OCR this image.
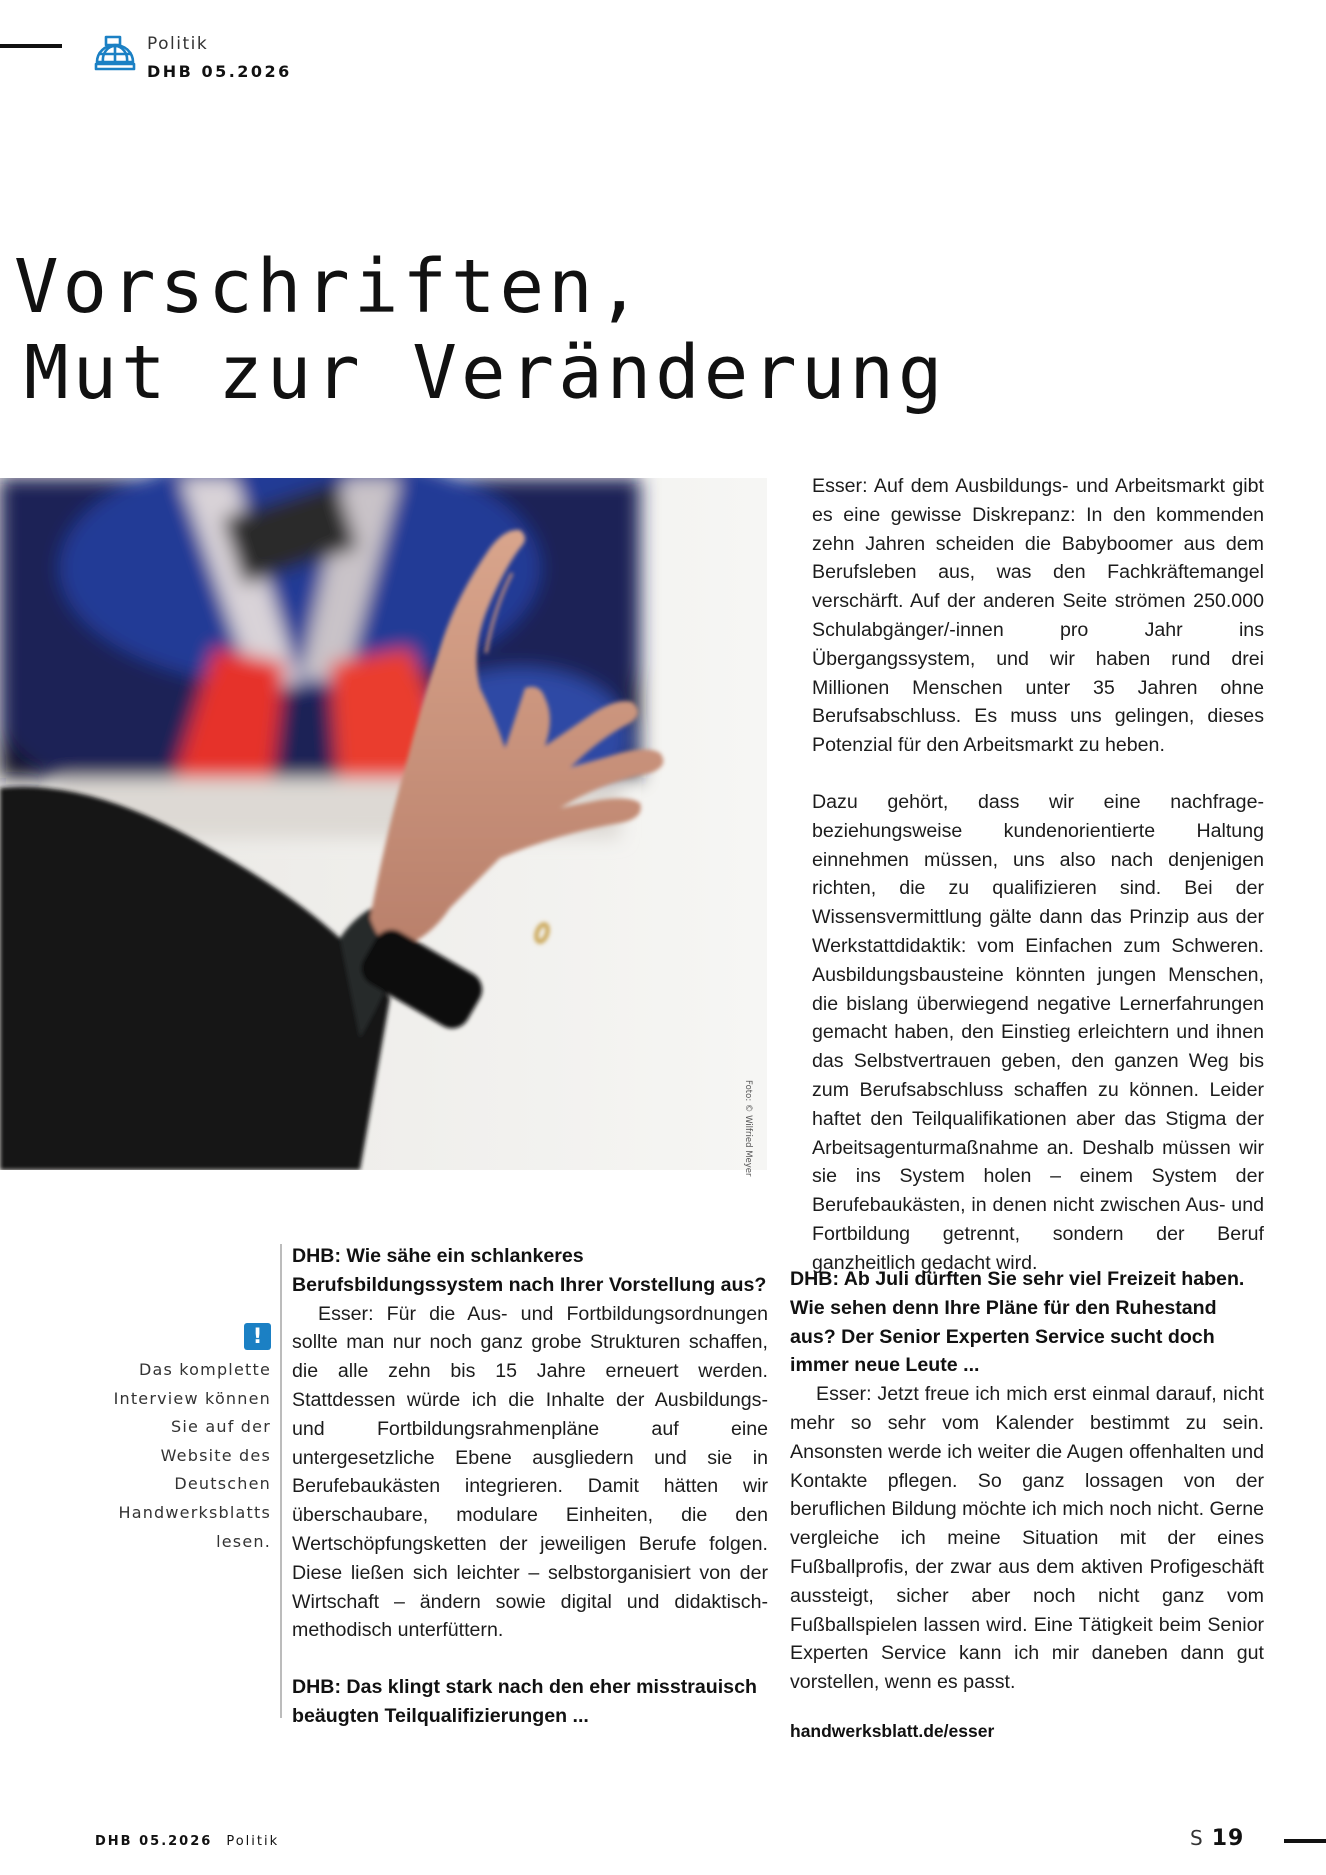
Politik
DHB 05.2026
Vorschriften,
Mut zur Veränderung
Foto: © Wilfried Meyer

Esser: Auf dem Ausbildungs- und Arbeitsmarkt gibt es eine gewisse Diskrepanz: In den kommenden zehn Jahren scheiden die Babyboomer aus dem Berufsleben aus, was den Fachkräftemangel verschärft. Auf der anderen Seite strömen 250.000 Schulabgänger/-innen pro Jahr ins Übergangssystem, und wir haben rund drei Millionen Menschen unter 35 Jahren ohne Berufsabschluss. Es muss uns gelingen, dieses Potenzial für den Arbeitsmarkt zu heben.

Dazu gehört, dass wir eine nachfrage- beziehungsweise kundenorientierte Haltung einnehmen müssen, uns also nach denjenigen richten, die zu qualifizieren sind. Bei der Wissensvermittlung gälte dann das Prinzip aus der Werkstattdidaktik: vom Einfachen zum Schweren. Ausbildungsbausteine könnten jungen Menschen, die bislang überwiegend negative Lernerfahrungen gemacht haben, den Einstieg erleichtern und ihnen das Selbstvertrauen geben, den ganzen Weg bis zum Berufsabschluss schaffen zu können. Leider haftet den Teilqualifikationen aber das Stigma der Arbeitsagenturmaßnahme an. Deshalb müssen wir sie ins System holen – einem System der Berufebaukästen, in denen nicht zwischen Aus- und Fortbildung getrennt, sondern der Beruf ganzheitlich gedacht wird.

!
Das komplette Interview können Sie auf der Website des Deutschen Handwerksblatts lesen.

DHB: Wie sähe ein schlankeres Berufsbildungssystem nach Ihrer Vorstellung aus?

Esser: Für die Aus- und Fortbildungsordnungen sollte man nur noch ganz grobe Strukturen schaffen, die alle zehn bis 15 Jahre erneuert werden. Stattdessen würde ich die Inhalte der Ausbildungs- und Fortbildungsrahmenpläne auf eine untergesetzliche Ebene ausgliedern und sie in Berufebaukästen integrieren. Damit hätten wir überschaubare, modulare Einheiten, die den Wertschöpfungsketten der jeweiligen Berufe folgen. Diese ließen sich leichter – selbstorganisiert von der Wirtschaft – ändern sowie digital und didaktisch-methodisch unterfüttern.

DHB: Das klingt stark nach den eher misstrauisch beäugten Teilqualifizierungen ...

DHB: Ab Juli dürften Sie sehr viel Freizeit haben. Wie sehen denn Ihre Pläne für den Ruhestand aus? Der Senior Experten Service sucht doch immer neue Leute ...

Esser: Jetzt freue ich mich erst einmal darauf, nicht mehr so sehr vom Kalender bestimmt zu sein. Ansonsten werde ich weiter die Augen offenhalten und Kontakte pflegen. So ganz lossagen von der beruflichen Bildung möchte ich mich noch nicht. Gerne vergleiche ich meine Situation mit der eines Fußballprofis, der zwar aus dem aktiven Profigeschäft aussteigt, sicher aber noch nicht ganz vom Fußballspielen lassen wird. Eine Tätigkeit beim Senior Experten Service kann ich mir daneben dann gut vorstellen, wenn es passt.

handwerksblatt.de/esser

DHB 05.2026 Politik	S 19
